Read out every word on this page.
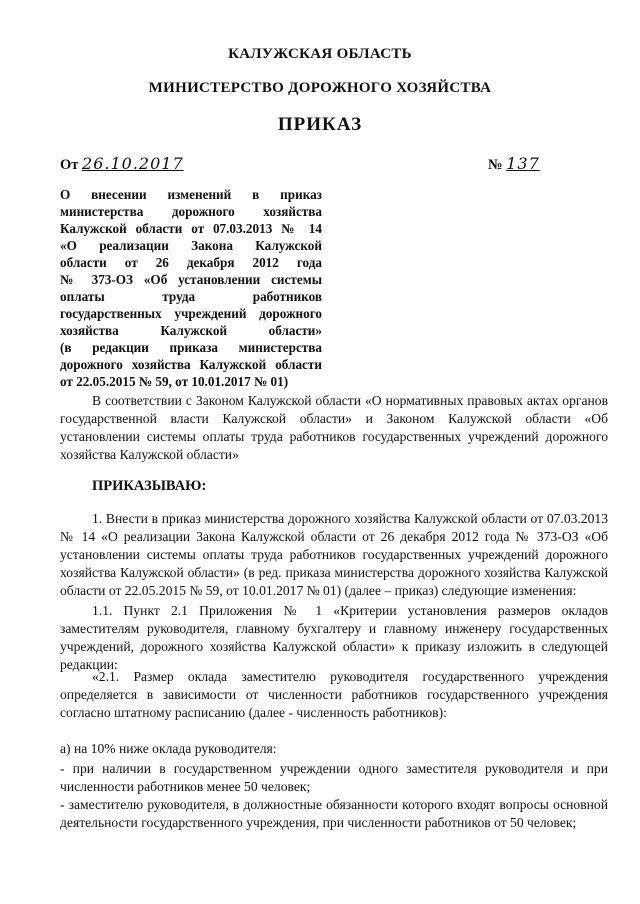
КАЛУЖСКАЯ ОБЛАСТЬ
МИНИСТЕРСТВО ДОРОЖНОГО ХОЗЯЙСТВА
ПРИКАЗ
От 26.10.2017	№ 137
О внесении изменений в приказ
министерства дорожного хозяйства
Калужской области от 07.03.2013 № 14
«О реализации Закона Калужской
области от 26 декабря 2012 года
№ 373-ОЗ «Об установлении системы
оплаты труда работников
государственных учреждений дорожного
хозяйства Калужской области»
(в редакции приказа министерства
дорожного хозяйства Калужской области
от 22.05.2015 № 59, от 10.01.2017 № 01)
В соответствии с Законом Калужской области «О нормативных правовых актах органов государственной власти Калужской области» и Законом Калужской области «Об установлении системы оплаты труда работников государственных учреждений дорожного хозяйства Калужской области»
ПРИКАЗЫВАЮ:
1. Внести в приказ министерства дорожного хозяйства Калужской области от 07.03.2013 № 14 «О реализации Закона Калужской области от 26 декабря 2012 года № 373-ОЗ «Об установлении системы оплаты труда работников государственных учреждений дорожного хозяйства Калужской области» (в ред. приказа министерства дорожного хозяйства Калужской области от 22.05.2015 № 59, от 10.01.2017 № 01) (далее – приказ) следующие изменения:
1.1. Пункт 2.1 Приложения № 1 «Критерии установления размеров окладов заместителям руководителя, главному бухгалтеру и главному инженеру государственных учреждений, дорожного хозяйства Калужской области» к приказу изложить в следующей редакции:
«2.1. Размер оклада заместителю руководителя государственного учреждения определяется в зависимости от численности работников государственного учреждения согласно штатному расписанию (далее - численность работников):
а) на 10% ниже оклада руководителя:
- при наличии в государственном учреждении одного заместителя руководителя и при численности работников менее 50 человек;
- заместителю руководителя, в должностные обязанности которого входят вопросы основной деятельности государственного учреждения, при численности работников от 50 человек;
